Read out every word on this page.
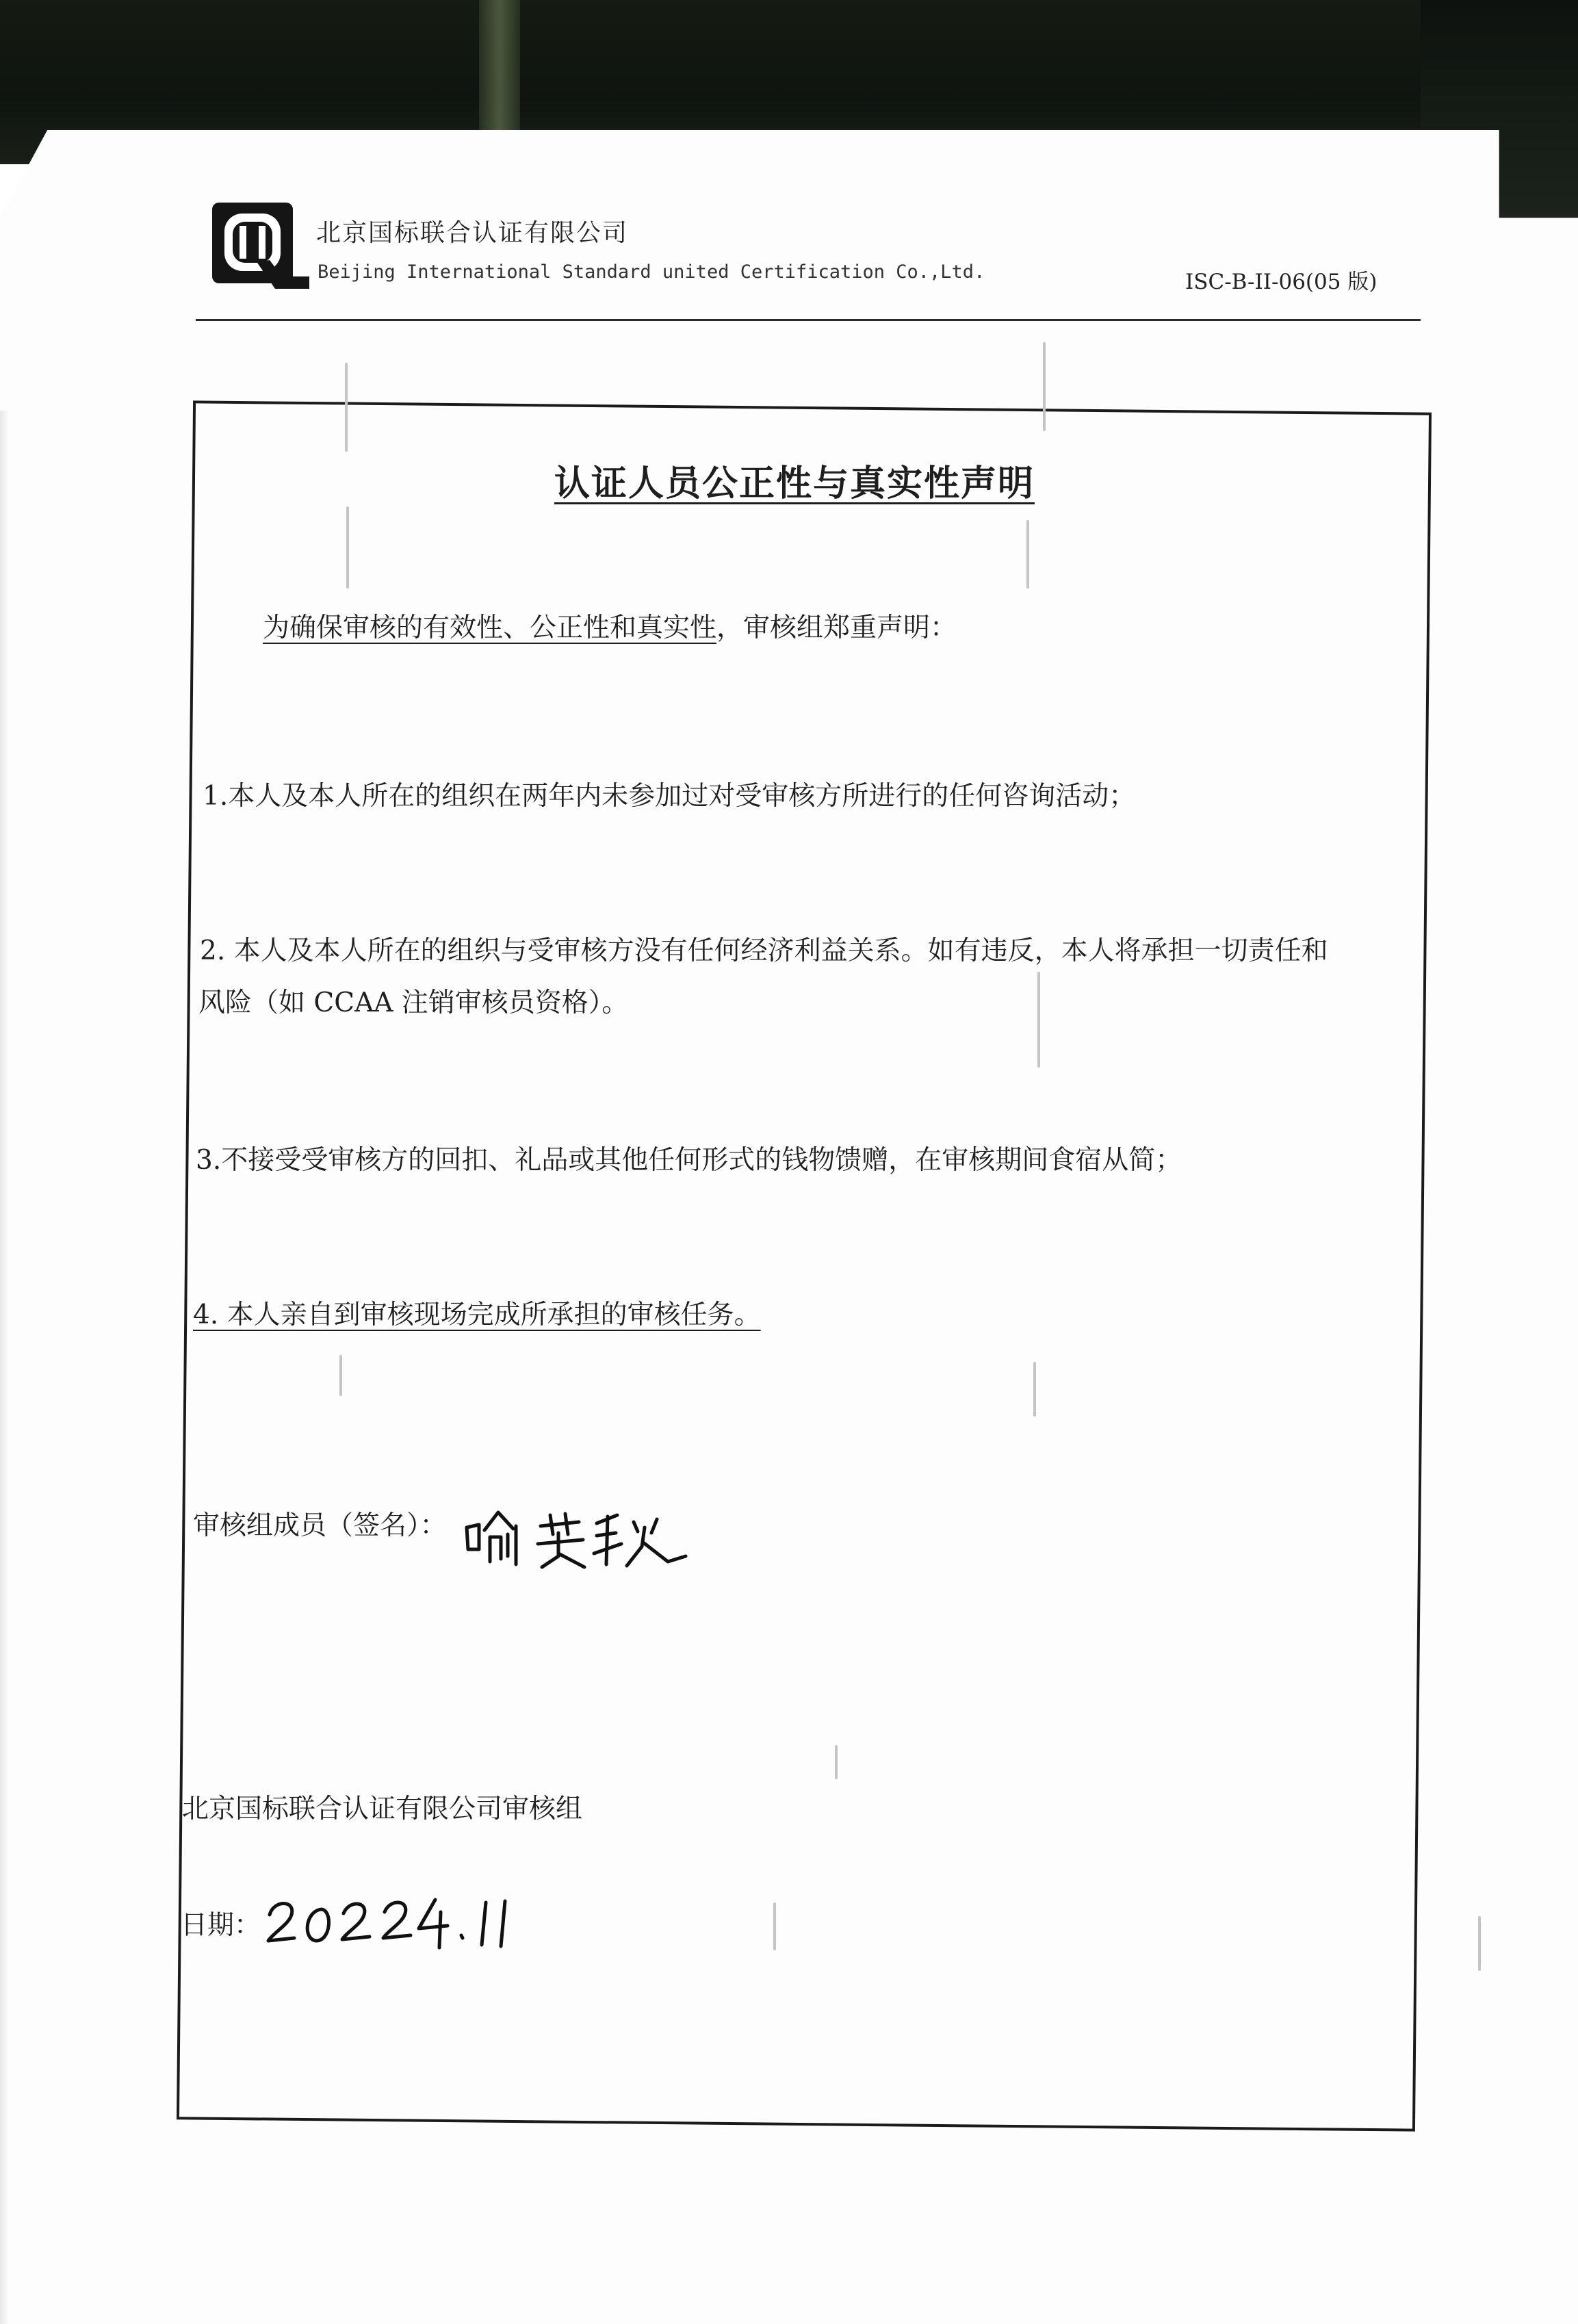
北京国标联合认证有限公司
Beijing International Standard united Certification Co.,Ltd.	ISC-B-II-06(05 版)
认证人员公正性与真实性声明
为确保审核的有效性、公正性和真实性，审核组郑重声明：
1.本人及本人所在的组织在两年内未参加过对受审核方所进行的任何咨询活动；
2. 本人及本人所在的组织与受审核方没有任何经济利益关系。如有违反，本人将承担一切责任和
风险（如 CCAA 注销审核员资格）。
3.不接受受审核方的回扣、礼品或其他任何形式的钱物馈赠，在审核期间食宿从简；
4. 本人亲自到审核现场完成所承担的审核任务。
审核组成员（签名）：
北京国标联合认证有限公司审核组
日期：
